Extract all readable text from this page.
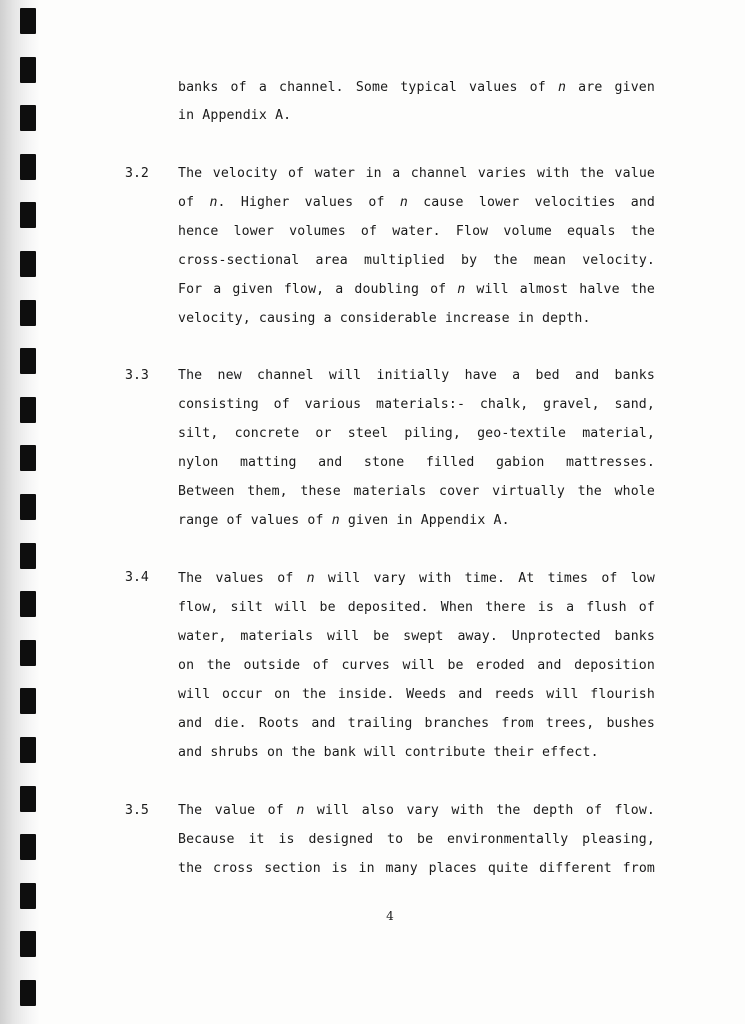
banks of a channel. Some typical values of n are given
in Appendix A.
3.2 The velocity of water in a channel varies with the value
of n. Higher values of n cause lower velocities and
hence lower volumes of water. Flow volume equals the
cross-sectional area multiplied by the mean velocity.
For a given flow, a doubling of n will almost halve the
velocity, causing a considerable increase in depth.
3.3 The new channel will initially have a bed and banks
consisting of various materials:- chalk, gravel, sand,
silt, concrete or steel piling, geo-textile material,
nylon matting and stone filled gabion mattresses.
Between them, these materials cover virtually the whole
range of values of n given in Appendix A.
3.4 The values of n will vary with time. At times of low
flow, silt will be deposited. When there is a flush of
water, materials will be swept away. Unprotected banks
on the outside of curves will be eroded and deposition
will occur on the inside. Weeds and reeds will flourish
and die. Roots and trailing branches from trees, bushes
and shrubs on the bank will contribute their effect.
3.5 The value of n will also vary with the depth of flow.
Because it is designed to be environmentally pleasing,
the cross section is in many places quite different from
4
